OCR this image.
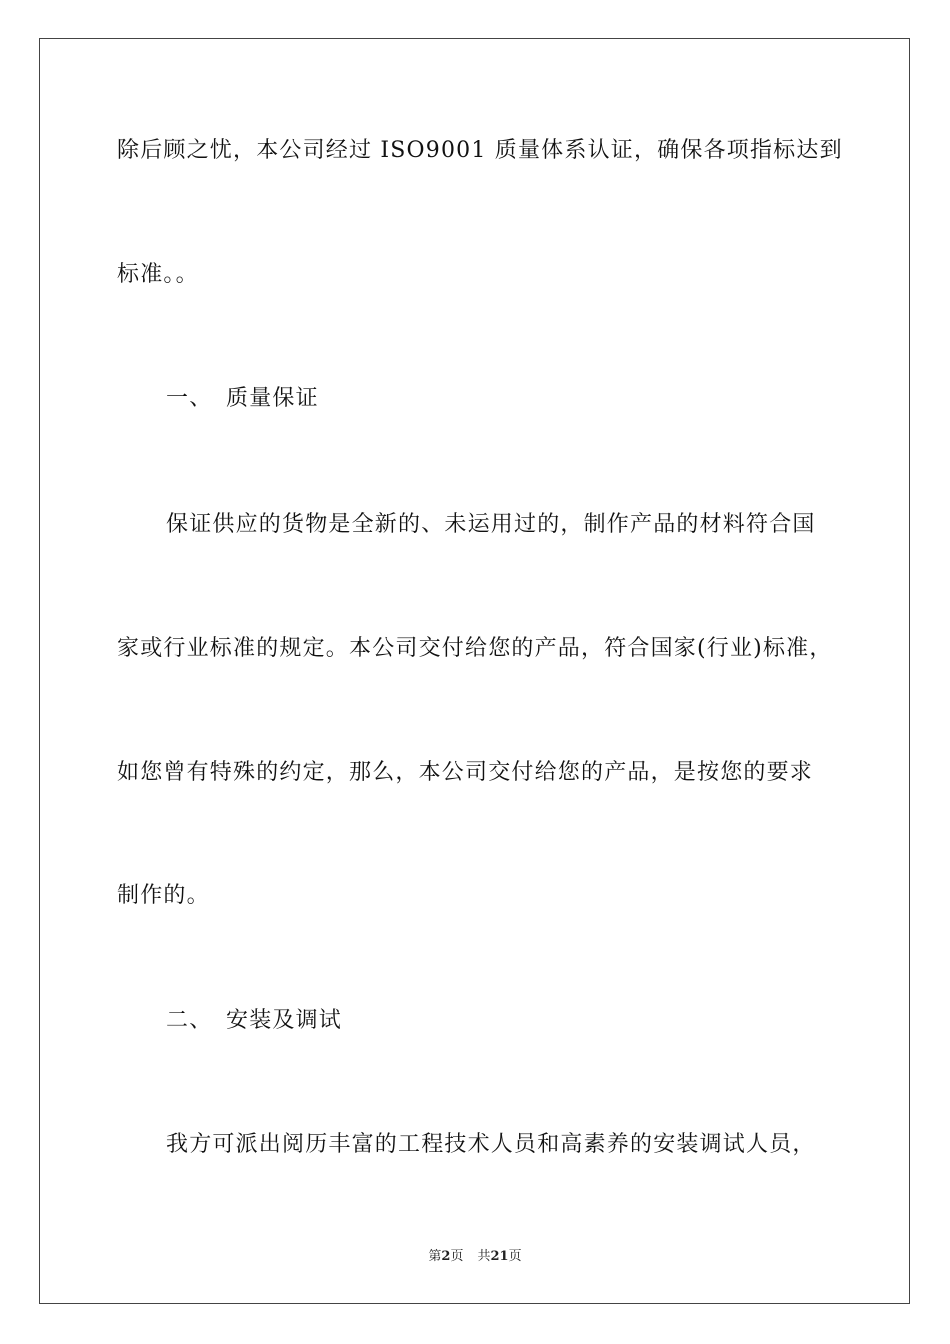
除后顾之忧，本公司经过 ISO9001 质量体系认证，确保各项指标达到
标准。。
一、 质量保证
保证供应的货物是全新的、未运用过的，制作产品的材料符合国
家或行业标准的规定。本公司交付给您的产品，符合国家(行业)标准，
如您曾有特殊的约定，那么，本公司交付给您的产品，是按您的要求
制作的。
二、 安装及调试
我方可派出阅历丰富的工程技术人员和高素养的安装调试人员，
第2页 共21页
